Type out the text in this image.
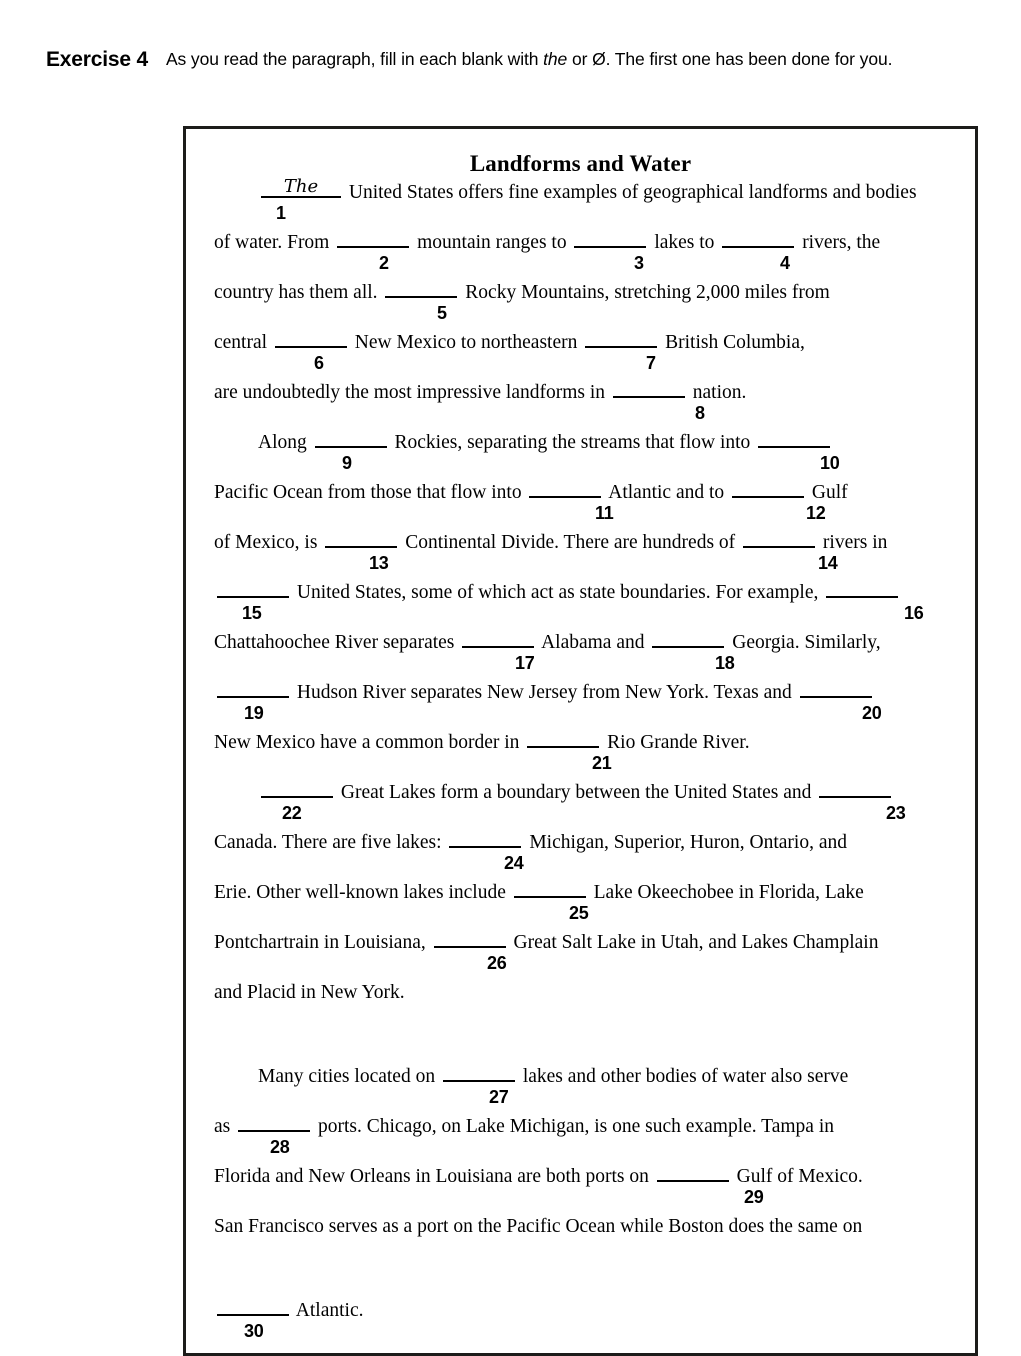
Exercise 4	As you read the paragraph, fill in each blank with the or Ø. The first one has been done for you.
Landforms and Water
The
1
United States offers fine examples of geographical landforms and bodies
of water. From
2
mountain ranges to
3
lakes to
4
rivers, the
country has them all.
5
Rocky Mountains, stretching 2,000 miles from
central
6
New Mexico to northeastern
7
British Columbia,
are undoubtedly the most impressive landforms in
8
nation.
Along
9
Rockies, separating the streams that flow into
10
Pacific Ocean from those that flow into
11
Atlantic and to
12
Gulf
of Mexico, is
13
Continental Divide. There are hundreds of
14
rivers in
15
United States, some of which act as state boundaries. For example,
16
Chattahoochee River separates
17
Alabama and
18
Georgia. Similarly,
19
Hudson River separates New Jersey from New York. Texas and
20
New Mexico have a common border in
21
Rio Grande River.
22
Great Lakes form a boundary between the United States and
23
Canada. There are five lakes:
24
Michigan, Superior, Huron, Ontario, and
Erie. Other well-known lakes include
25
Lake Okeechobee in Florida, Lake
Pontchartrain in Louisiana,
26
Great Salt Lake in Utah, and Lakes Champlain
and Placid in New York.
Many cities located on
27
lakes and other bodies of water also serve
as
28
ports. Chicago, on Lake Michigan, is one such example. Tampa in
Florida and New Orleans in Louisiana are both ports on
29
Gulf of Mexico.
San Francisco serves as a port on the Pacific Ocean while Boston does the same on
30
Atlantic.
